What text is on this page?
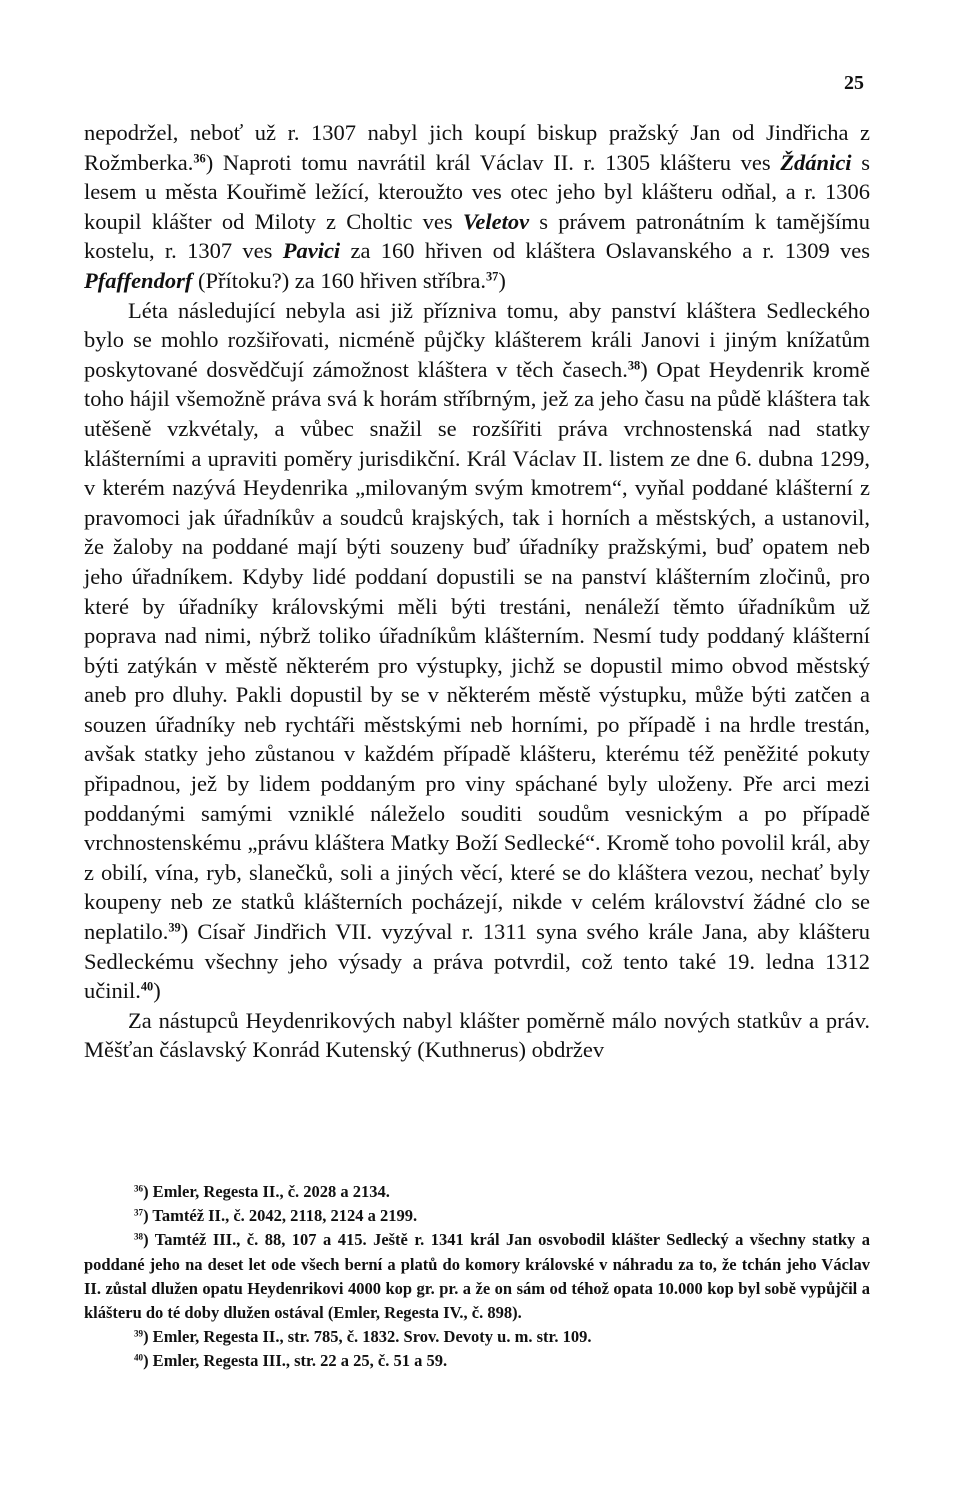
25

nepodržel, neboť už r. 1307 nabyl jich koupí biskup pražský Jan od Jindřicha z Rožmberka.$^{36}$) Naproti tomu navrátil král Václav II. r. 1305 klášteru ves Ždánici s lesem u města Kouřimě ležící, kteroužto ves otec jeho byl klášteru odňal, a r. 1306 koupil klášter od Miloty z Choltic ves Veletov s právem patronátním k tamějšímu kostelu, r. 1307 ves Pavici za 160 hřiven od kláštera Oslavanského a r. 1309 ves Pfaffendorf (Přítoku?) za 160 hřiven stříbra.$^{37}$)

Léta následující nebyla asi již přízniva tomu, aby panství kláštera Sedleckého bylo se mohlo rozšiřovati, nicméně půjčky klášterem králi Janovi i jiným knížatům poskytované dosvědčují zámožnost kláštera v těch časech.$^{38}$) Opat Heydenrik kromě toho hájil všemožně práva svá k horám stříbrným, jež za jeho času na půdě kláštera tak utěšeně vzkvétaly, a vůbec snažil se rozšířiti práva vrchnostenská nad statky klášterními a upraviti poměry jurisdikční. Král Václav II. listem ze dne 6. dubna 1299, v kterém nazývá Heydenrika „milovaným svým kmotrem“, vyňal poddané klášterní z pravomoci jak úřadníkův a soudců krajských, tak i horních a městských, a ustanovil, že žaloby na poddané mají býti souzeny buď úřadníky pražskými, buď opatem neb jeho úřadníkem. Kdyby lidé poddaní dopustili se na panství klášterním zločinů, pro které by úřadníky královskými měli býti trestáni, nenáleží těmto úřadníkům už poprava nad nimi, nýbrž toliko úřadníkům klášterním. Nesmí tudy poddaný klášterní býti zatýkán v městě některém pro výstupky, jichž se dopustil mimo obvod městský aneb pro dluhy. Pakli dopustil by se v některém městě výstupku, může býti zatčen a souzen úřadníky neb rychtáři městskými neb horními, po případě i na hrdle trestán, avšak statky jeho zůstanou v každém případě klášteru, kterému též peněžité pokuty připadnou, jež by lidem poddaným pro viny spáchané byly uloženy. Pře arci mezi poddanými samými vzniklé náleželo souditi soudům vesnickým a po případě vrchnostenskému „právu kláštera Matky Boží Sedlecké“. Kromě toho povolil král, aby z obilí, vína, ryb, slanečků, soli a jiných věcí, které se do kláštera vezou, nechať byly koupeny neb ze statků klášterních pocházejí, nikde v celém království žádné clo se neplatilo.$^{39}$) Císař Jindřich VII. vyzýval r. 1311 syna svého krále Jana, aby klášteru Sedleckému všechny jeho výsady a práva potvrdil, což tento také 19. ledna 1312 učinil.$^{40}$)

Za nástupců Heydenrikových nabyl klášter poměrně málo nových statkův a práv. Měšťan čáslavský Konrád Kutenský (Kuthnerus) obdržev

$^{36}$) Emler, Regesta II., č. 2028 a 2134.

$^{37}$) Tamtéž II., č. 2042, 2118, 2124 a 2199.

$^{38}$) Tamtéž III., č. 88, 107 a 415. Ještě r. 1341 král Jan osvobodil klášter Sedlecký a všechny statky a poddané jeho na deset let ode všech berní a platů do komory královské v náhradu za to, že tchán jeho Václav II. zůstal dlužen opatu Heydenrikovi 4000 kop gr. pr. a že on sám od téhož opata 10.000 kop byl sobě vypůjčil a klášteru do té doby dlužen ostával (Emler, Regesta IV., č. 898).

$^{39}$) Emler, Regesta II., str. 785, č. 1832. Srov. Devoty u. m. str. 109.

$^{40}$) Emler, Regesta III., str. 22 a 25, č. 51 a 59.
